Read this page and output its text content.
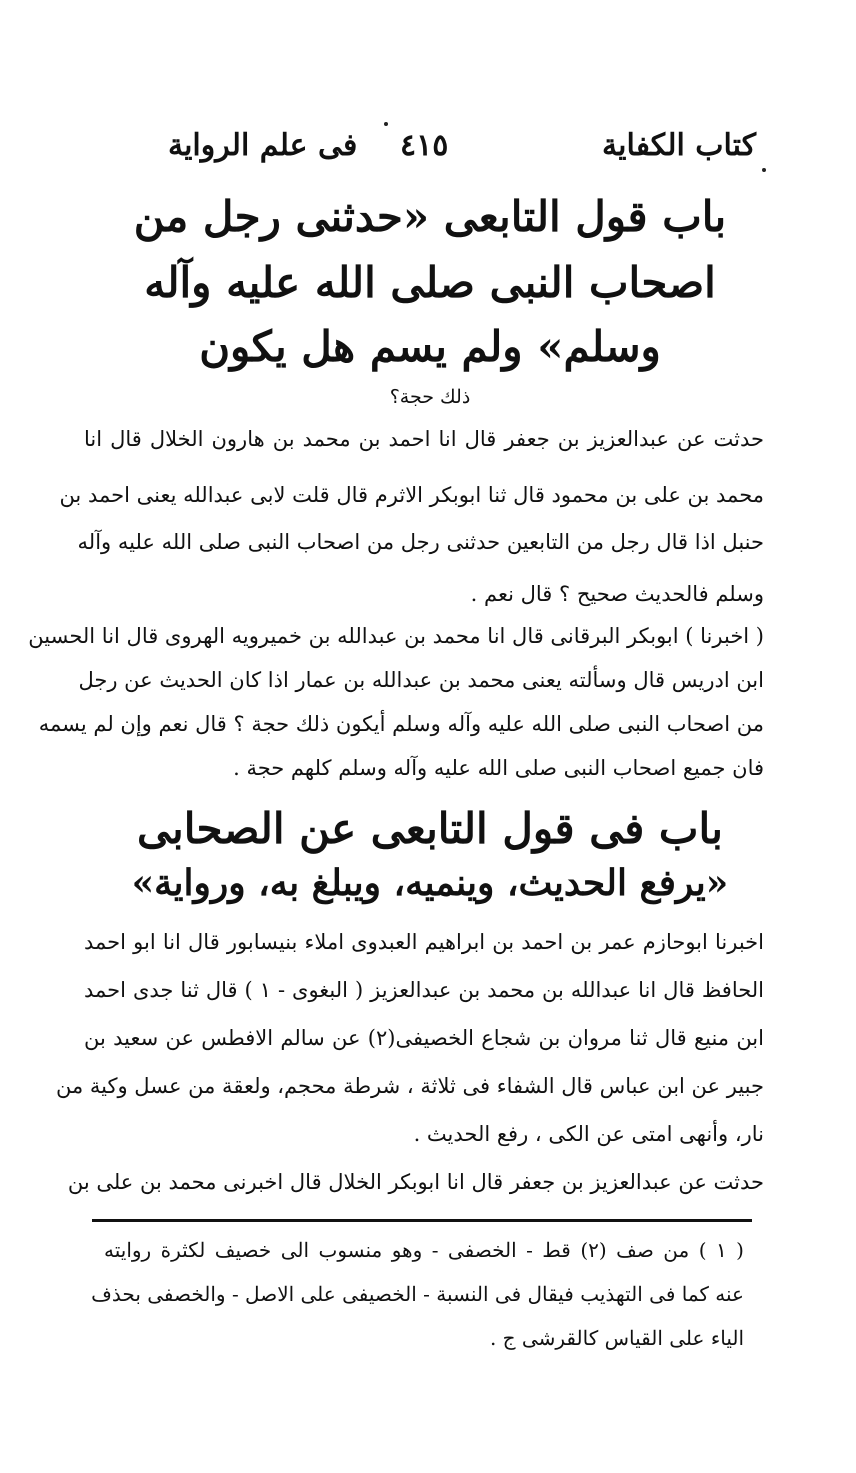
كتاب الكفاية
٤١٥
فى علم الرواية
باب قول التابعى «حدثنى رجل من
اصحاب النبى صلى الله عليه وآله
وسلم» ولم يسم هل يكون
ذلك حجة؟
حدثت عن عبدالعزيز بن جعفر قال انا احمد بن محمد بن هارون الخلال قال انا
محمد بن على بن محمود قال ثنا ابوبكر الاثرم قال قلت لابى عبدالله يعنى احمد بن
حنبل اذا قال رجل من التابعين حدثنى رجل من اصحاب النبى صلى الله عليه وآله
وسلم فالحديث صحيح ؟ قال نعم .
( اخبرنا ) ابوبكر البرقانى قال انا محمد بن عبدالله بن خميرويه الهروى قال انا الحسين
ابن ادريس قال وسألته يعنى محمد بن عبدالله بن عمار اذا كان الحديث عن رجل
من اصحاب النبى صلى الله عليه وآله وسلم أيكون ذلك حجة ؟ قال نعم وإن لم يسمه
فان جميع اصحاب النبى صلى الله عليه وآله وسلم كلهم حجة .
باب فى قول التابعى عن الصحابى
«يرفع الحديث، وينميه، ويبلغ به، ورواية»
اخبرنا ابوحازم عمر بن احمد بن ابراهيم العبدوى املاء بنيسابور قال انا ابو احمد
الحافظ قال انا عبدالله بن محمد بن عبدالعزيز ( البغوى - ١ ) قال ثنا جدى احمد
ابن منيع قال ثنا مروان بن شجاع الخصيفى(٢) عن سالم الافطس عن سعيد بن
جبير عن ابن عباس قال الشفاء فى ثلاثة ، شرطة محجم، ولعقة من عسل وكية من
نار، وأنهى امتى عن الكى ، رفع الحديث .
حدثت عن عبدالعزيز بن جعفر قال انا ابوبكر الخلال قال اخبرنى محمد بن على بن
( ١ ) من صف (٢) قط - الخصفى - وهو منسوب الى خصيف لكثرة روايته
عنه كما فى التهذيب فيقال فى النسبة - الخصيفى على الاصل - والخصفى بحذف
الياء على القياس كالقرشى ج .
